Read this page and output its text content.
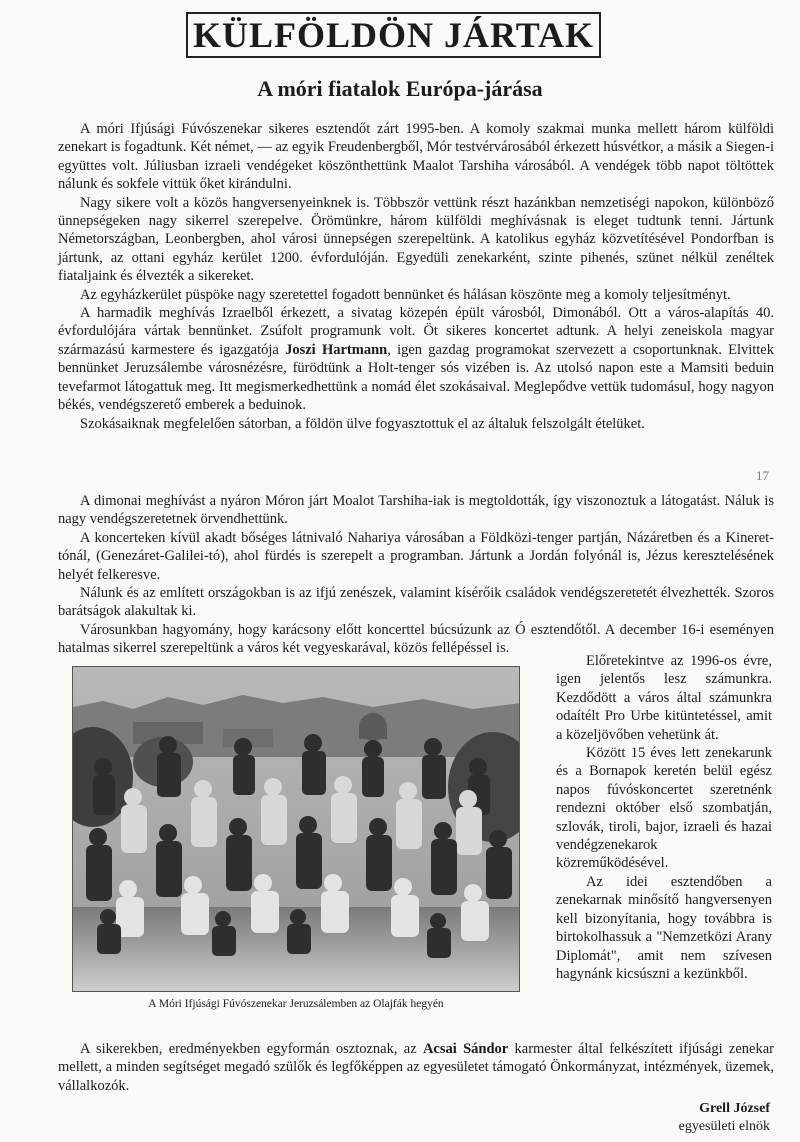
KÜLFÖLDÖN JÁRTAK
A móri fiatalok Európa-járása

A móri Ifjúsági Fúvószenekar sikeres esztendőt zárt 1995-ben. A komoly szakmai munka mellett három külföldi zenekart is fogadtunk. Két német, — az egyik Freudenbergből, Mór testvérvárosából érkezett húsvétkor, a másik a Siegen-i együttes volt. Júliusban izraeli vendégeket köszönthettünk Maalot Tarshiha városából. A vendégek több napot töltöttek nálunk és sokfele vittük őket kirándulni.

Nagy sikere volt a közös hangversenyeinknek is. Többször vettünk részt hazánkban nemzetiségi napokon, különböző ünnepségeken nagy sikerrel szerepelve. Örömünkre, három külföldi meghívásnak is eleget tudtunk tenni. Jártunk Németországban, Leonbergben, ahol városi ünnepségen szerepeltünk. A katolikus egyház közvetítésével Pondorfban is jártunk, az ottani egyház kerület 1200. évfordulóján. Egyedüli zenekarként, szinte pihenés, szünet nélkül zenéltek fiataljaink és élvezték a sikereket.

Az egyházkerület püspöke nagy szeretettel fogadott bennünket és hálásan köszönte meg a komoly teljesítményt.

A harmadik meghívás Izraelből érkezett, a sivatag közepén épült városból, Dimonából. Ott a város-alapítás 40. évfordulójára vártak bennünket. Zsúfolt programunk volt. Öt sikeres koncertet adtunk. A helyi zeneiskola magyar származású karmestere és igazgatója Joszi Hartmann, igen gazdag programokat szervezett a csoportunknak. Elvittek bennünket Jeruzsálembe városnézésre, fürödtünk a Holt-tenger sós vizében is. Az utolsó napon este a Mamsiti beduin tevefarmot látogattuk meg. Itt megismerkedhettünk a nomád élet szokásaival. Meglepődve vettük tudomásul, hogy nagyon békés, vendégszerető emberek a beduinok.

Szokásaiknak megfelelően sátorban, a földön ülve fogyasztottuk el az általuk felszolgált ételüket.

17

A dimonai meghívást a nyáron Móron járt Moalot Tarshiha-iak is megtoldották, így viszonoztuk a látogatást. Náluk is nagy vendégszeretetnek örvendhettünk.

A koncerteken kívül akadt bőséges látnivaló Nahariya városában a Földközi-tenger partján, Názáretben és a Kineret-tónál, (Genezáret-Galilei-tó), ahol fürdés is szerepelt a programban. Jártunk a Jordán folyónál is, Jézus keresztelésének helyét felkeresve.

Nálunk és az említett országokban is az ifjú zenészek, valamint kísérőik családok vendégszeretetét élvezhették. Szoros barátságok alakultak ki.

Városunkban hagyomány, hogy karácsony előtt koncerttel búcsúzunk az Ó esztendőtől. A december 16-i eseményen hatalmas sikerrel szerepeltünk a város két vegyeskarával, közös fellépéssel is.

A Móri Ifjúsági Fúvószenekar Jeruzsálemben az Olajfák hegyén

Előretekintve az 1996-os évre, igen jelentős lesz számunkra. Kezdődött a város által számunkra odaítélt Pro Urbe kitüntetéssel, amit a közeljövőben vehetünk át.

Között 15 éves lett zenekarunk és a Bornapok keretén belül egész napos fúvóskoncertet szeretnénk rendezni október első szombatján, szlovák, tiroli, bajor, izraeli és hazai vendégzenekarok közreműködésével.

Az idei esztendőben a zenekarnak minősítő hangversenyen kell bizonyítania, hogy továbbra is birtokolhassuk a "Nemzetközi Arany Diplomát", amit nem szívesen hagynánk kicsúszni a kezünkből.

A sikerekben, eredményekben egyformán osztoznak, az Acsai Sándor karmester által felkészített ifjúsági zenekar mellett, a minden segítséget megadó szülők és legfőképpen az egyesületet támogató Önkormányzat, intézmények, üzemek, vállalkozók.

Grell József
egyesületi elnök
